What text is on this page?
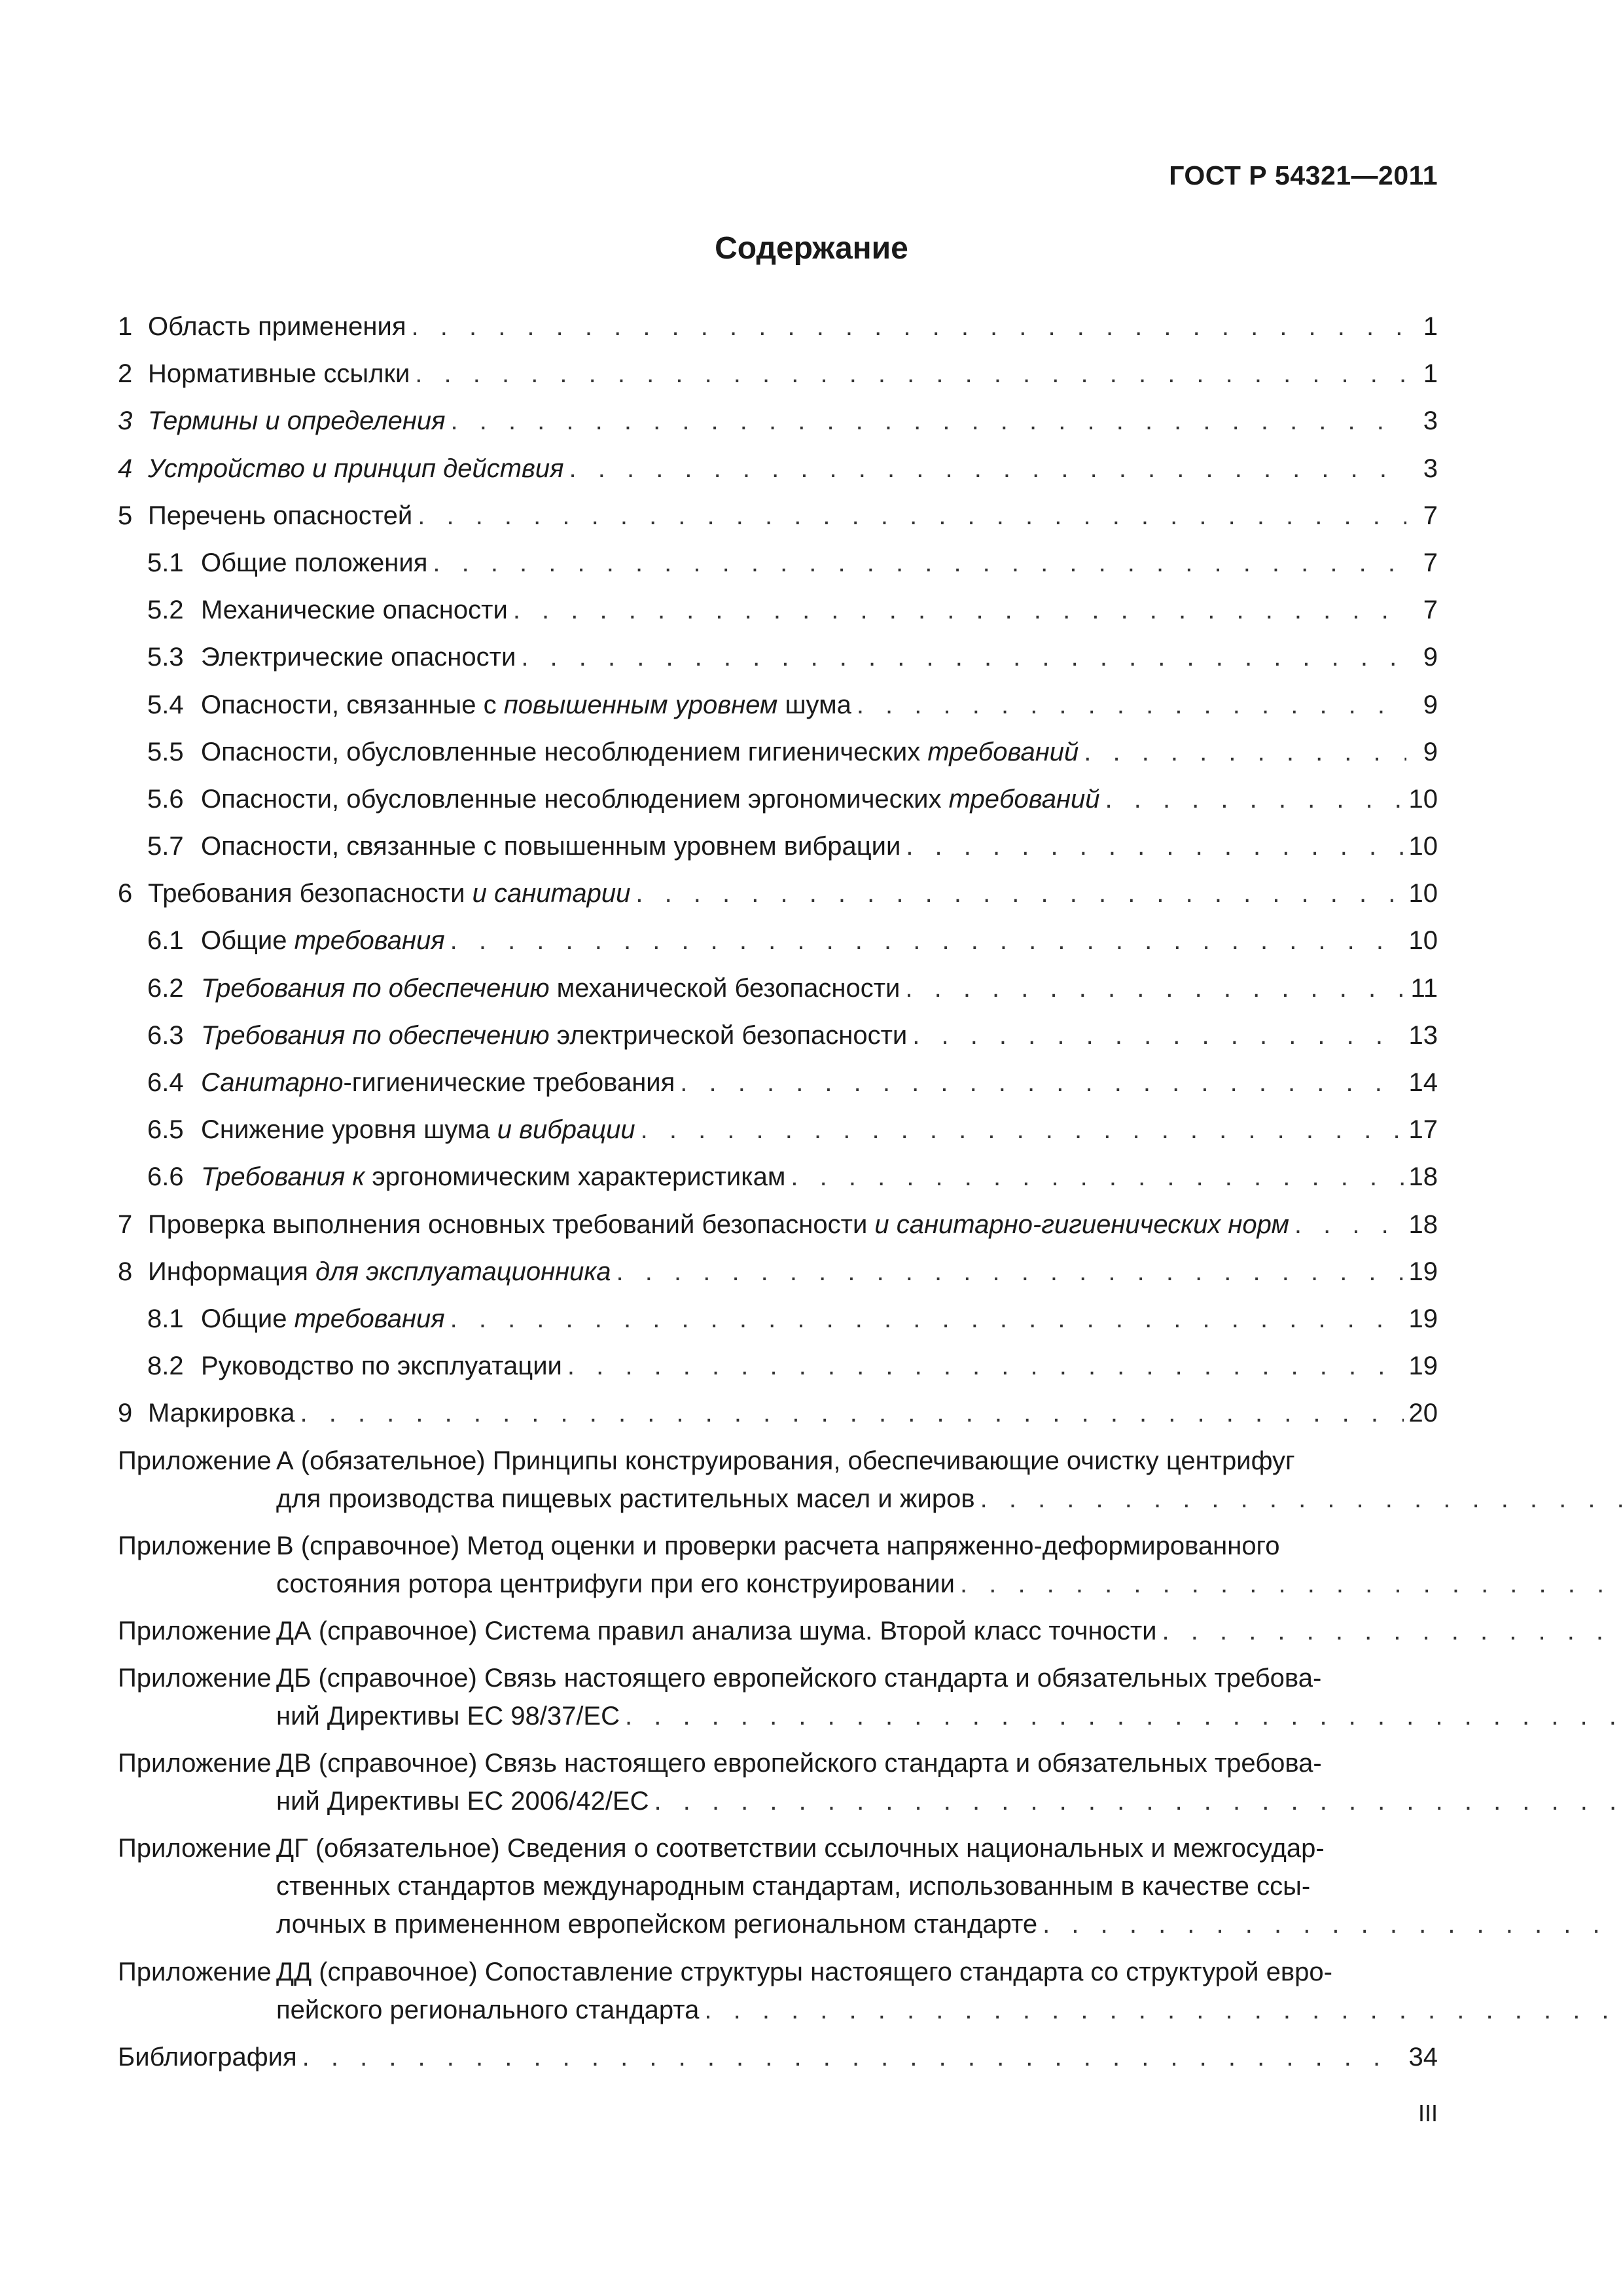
ГОСТ Р 54321—2011
Содержание
1 Область применения . . .	1
2 Нормативные ссылки . . .	1
3 Термины и определения . . .	3
4 Устройство и принцип действия . . .	3
5 Перечень опасностей . . .	7
5.1 Общие положения . . .	7
5.2 Механические опасности . . .	7
5.3 Электрические опасности . . .	9
5.4 Опасности, связанные с повышенным уровнем шума . . .	9
5.5 Опасности, обусловленные несоблюдением гигиенических требований . . .	9
5.6 Опасности, обусловленные несоблюдением эргономических требований . . .	10
5.7 Опасности, связанные с повышенным уровнем вибрации . . .	10
6 Требования безопасности и санитарии . . .	10
6.1 Общие требования . . .	10
6.2 Требования по обеспечению механической безопасности . . .	11
6.3 Требования по обеспечению электрической безопасности . . .	13
6.4 Санитарно-гигиенические требования . . .	14
6.5 Снижение уровня шума и вибрации . . .	17
6.6 Требования к эргономическим характеристикам . . .	18
7 Проверка выполнения основных требований безопасности и санитарно-гигиенических норм . . .	18
8 Информация для эксплуатационника . . .	19
8.1 Общие требования . . .	19
8.2 Руководство по эксплуатации . . .	19
9 Маркировка . . .	20
Приложение А (обязательное) Принципы конструирования, обеспечивающие очистку центрифуг
для производства пищевых растительных масел и жиров
. . .
Приложение В (справочное) Метод оценки и проверки расчета напряженно-деформированного
состояния ротора центрифуги при его конструировании
. . .
Приложение ДА (справочное) Система правил анализа шума. Второй класс точности
. . .
Приложение ДБ (справочное) Связь настоящего европейского стандарта и обязательных требова-
ний Директивы ЕС 98/37/ЕС
. . .
Приложение ДВ (справочное) Связь настоящего европейского стандарта и обязательных требова-
ний Директивы ЕС 2006/42/ЕС
. . .
Приложение ДГ (обязательное) Сведения о соответствии ссылочных национальных и межгосудар-
ственных стандартов международным стандартам, использованным в качестве ссы-
лочных в примененном европейском региональном стандарте
. . .
Приложение ДД (справочное) Сопоставление структуры настоящего стандарта со структурой евро-
пейского регионального стандарта
. . .
Библиография . . .	34
III
